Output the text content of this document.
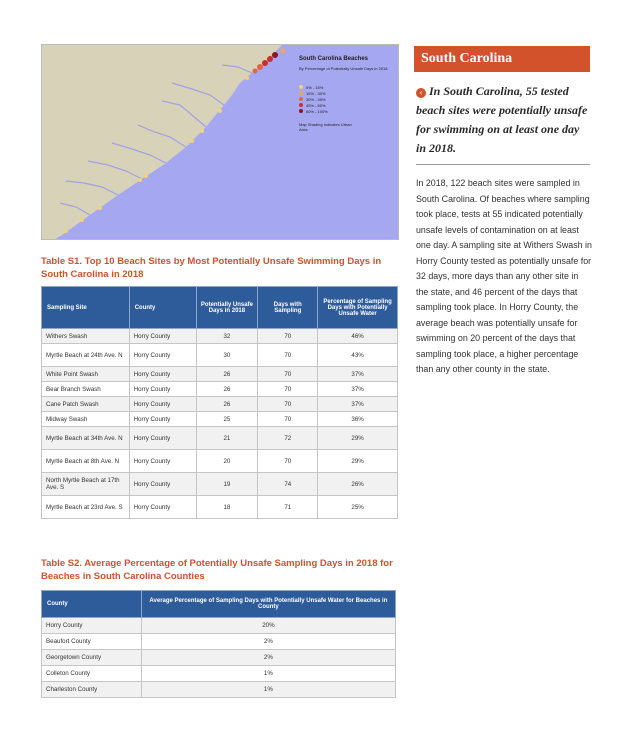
South Carolina Beaches
By Percentage of Potentially Unsafe Days in 2018
0% - 15%
15% - 30%
30% - 45%
45% - 60%
60% - 100%
Map Shading Indicates Urban Area
Table S1. Top 10 Beach Sites by Most Potentially Unsafe Swimming Days in South Carolina in 2018
Sampling Site	County	Potentially Unsafe Days in 2018	Days with Sampling	Percentage of Sampling Days with Potentially Unsafe Water
Withers Swash	Horry County	32	70	46%
Myrtle Beach at 24th Ave. N	Horry County	30	70	43%
White Point Swash	Horry County	26	70	37%
Bear Branch Swash	Horry County	26	70	37%
Cane Patch Swash	Horry County	26	70	37%
Midway Swash	Horry County	25	70	36%
Myrtle Beach at 34th Ave. N	Horry County	21	72	29%
Myrtle Beach at 8th Ave. N	Horry County	20	70	29%
North Myrtle Beach at 17th Ave. S	Horry County	19	74	26%
Myrtle Beach at 23rd Ave. S	Horry County	18	71	25%
Table S2. Average Percentage of Potentially Unsafe Sampling Days in 2018 for Beaches in South Carolina Counties
County	Average Percentage of Sampling Days with Potentially Unsafe Water for Beaches in County
Horry County	20%
Beaufort County	2%
Georgetown County	2%
Colleton County	1%
Charleston County	1%
South Carolina
‹ In South Carolina, 55 tested beach sites were potentially unsafe for swimming on at least one day in 2018.
In 2018, 122 beach sites were sampled in South Carolina. Of beaches where sampling took place, tests at 55 indicated potentially unsafe levels of contamination on at least one day. A sampling site at Withers Swash in Horry County tested as potentially unsafe for 32 days, more days than any other site in the state, and 46 percent of the days that sampling took place. In Horry County, the average beach was potentially unsafe for swimming on 20 percent of the days that sampling took place, a higher percentage than any other county in the state.
